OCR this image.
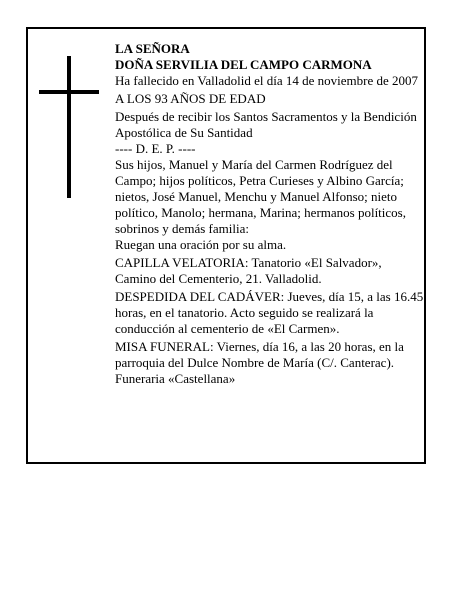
LA SEÑORA

DOÑA SERVILIA DEL CAMPO CARMONA

Ha fallecido en Valladolid el día 14 de noviembre de 2007

A LOS 93 AÑOS DE EDAD

Después de recibir los Santos Sacramentos y la Bendición Apostólica de Su Santidad

---- D. E. P. ----

Sus hijos, Manuel y María del Carmen Rodríguez del Campo; hijos políticos, Petra Curieses y Albino García; nietos, José Manuel, Menchu y Manuel Alfonso; nieto político, Manolo; hermana, Marina; hermanos políticos, sobrinos y demás familia:

Ruegan una oración por su alma.

CAPILLA VELATORIA: Tanatorio «El Salvador», Camino del Cementerio, 21. Valladolid.

DESPEDIDA DEL CADÁVER: Jueves, día 15, a las 16.45 horas, en el tanatorio. Acto seguido se realizará la conducción al cementerio de «El Carmen».

MISA FUNERAL: Viernes, día 16, a las 20 horas, en la parroquia del Dulce Nombre de María (C/. Canterac).

Funeraria «Castellana»
